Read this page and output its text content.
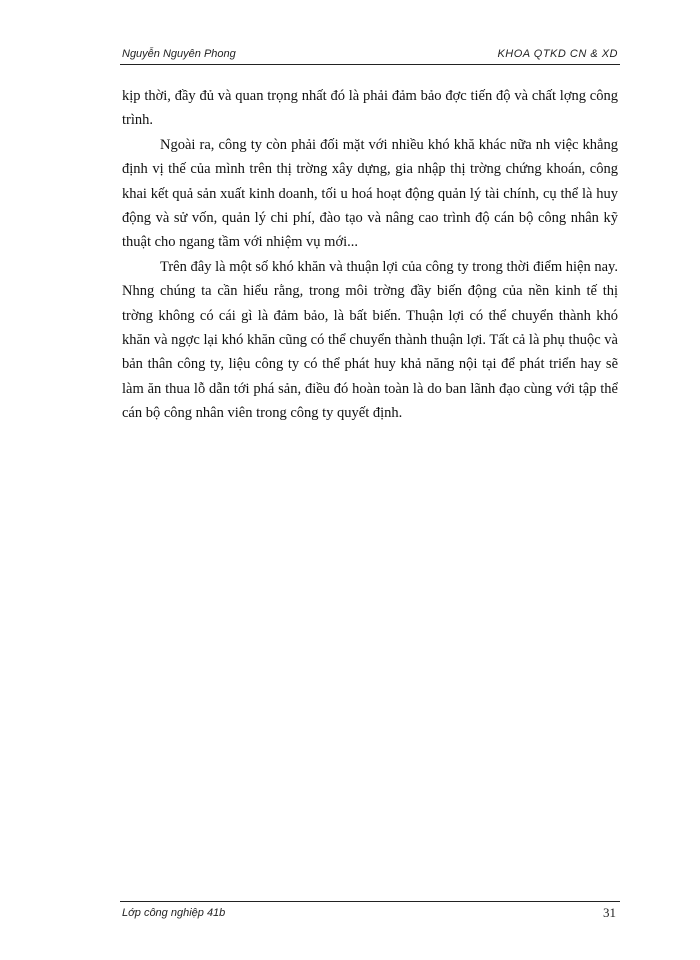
Nguyễn Nguyên Phong	KHOA QTKD CN & XD

kịp thời, đầy đủ và quan trọng nhất đó là phải đảm bảo đợc tiến độ và chất lợng công trình.

Ngoài ra, công ty còn phải đối mặt với nhiều khó khă khác nữa nh việc khẳng định vị thế của mình trên thị trờng xây dựng, gia nhập thị trờng chứng khoán, công khai kết quả sản xuất kinh doanh, tối u hoá hoạt động quản lý tài chính, cụ thể là huy động và sử vốn, quản lý chi phí, đào tạo và nâng cao trình độ cán bộ công nhân kỹ thuật cho ngang tầm với nhiệm vụ mới...

Trên đây là một số khó khăn và thuận lợi của công ty trong thời điểm hiện nay. Nhng chúng ta cần hiểu rằng, trong môi trờng đầy biến động của nền kinh tế thị trờng không có cái gì là đảm bảo, là bất biến. Thuận lợi có thể chuyển thành khó khăn và ngợc lại khó khăn cũng có thể chuyển thành thuận lợi. Tất cả là phụ thuộc và bản thân công ty, liệu công ty có thể phát huy khả năng nội tại để phát triển hay sẽ làm ăn thua lỗ dẫn tới phá sản, điều đó hoàn toàn là do ban lãnh đạo cùng với tập thể cán bộ công nhân viên trong công ty quyết định.

Lớp công nghiệp 41b	31
